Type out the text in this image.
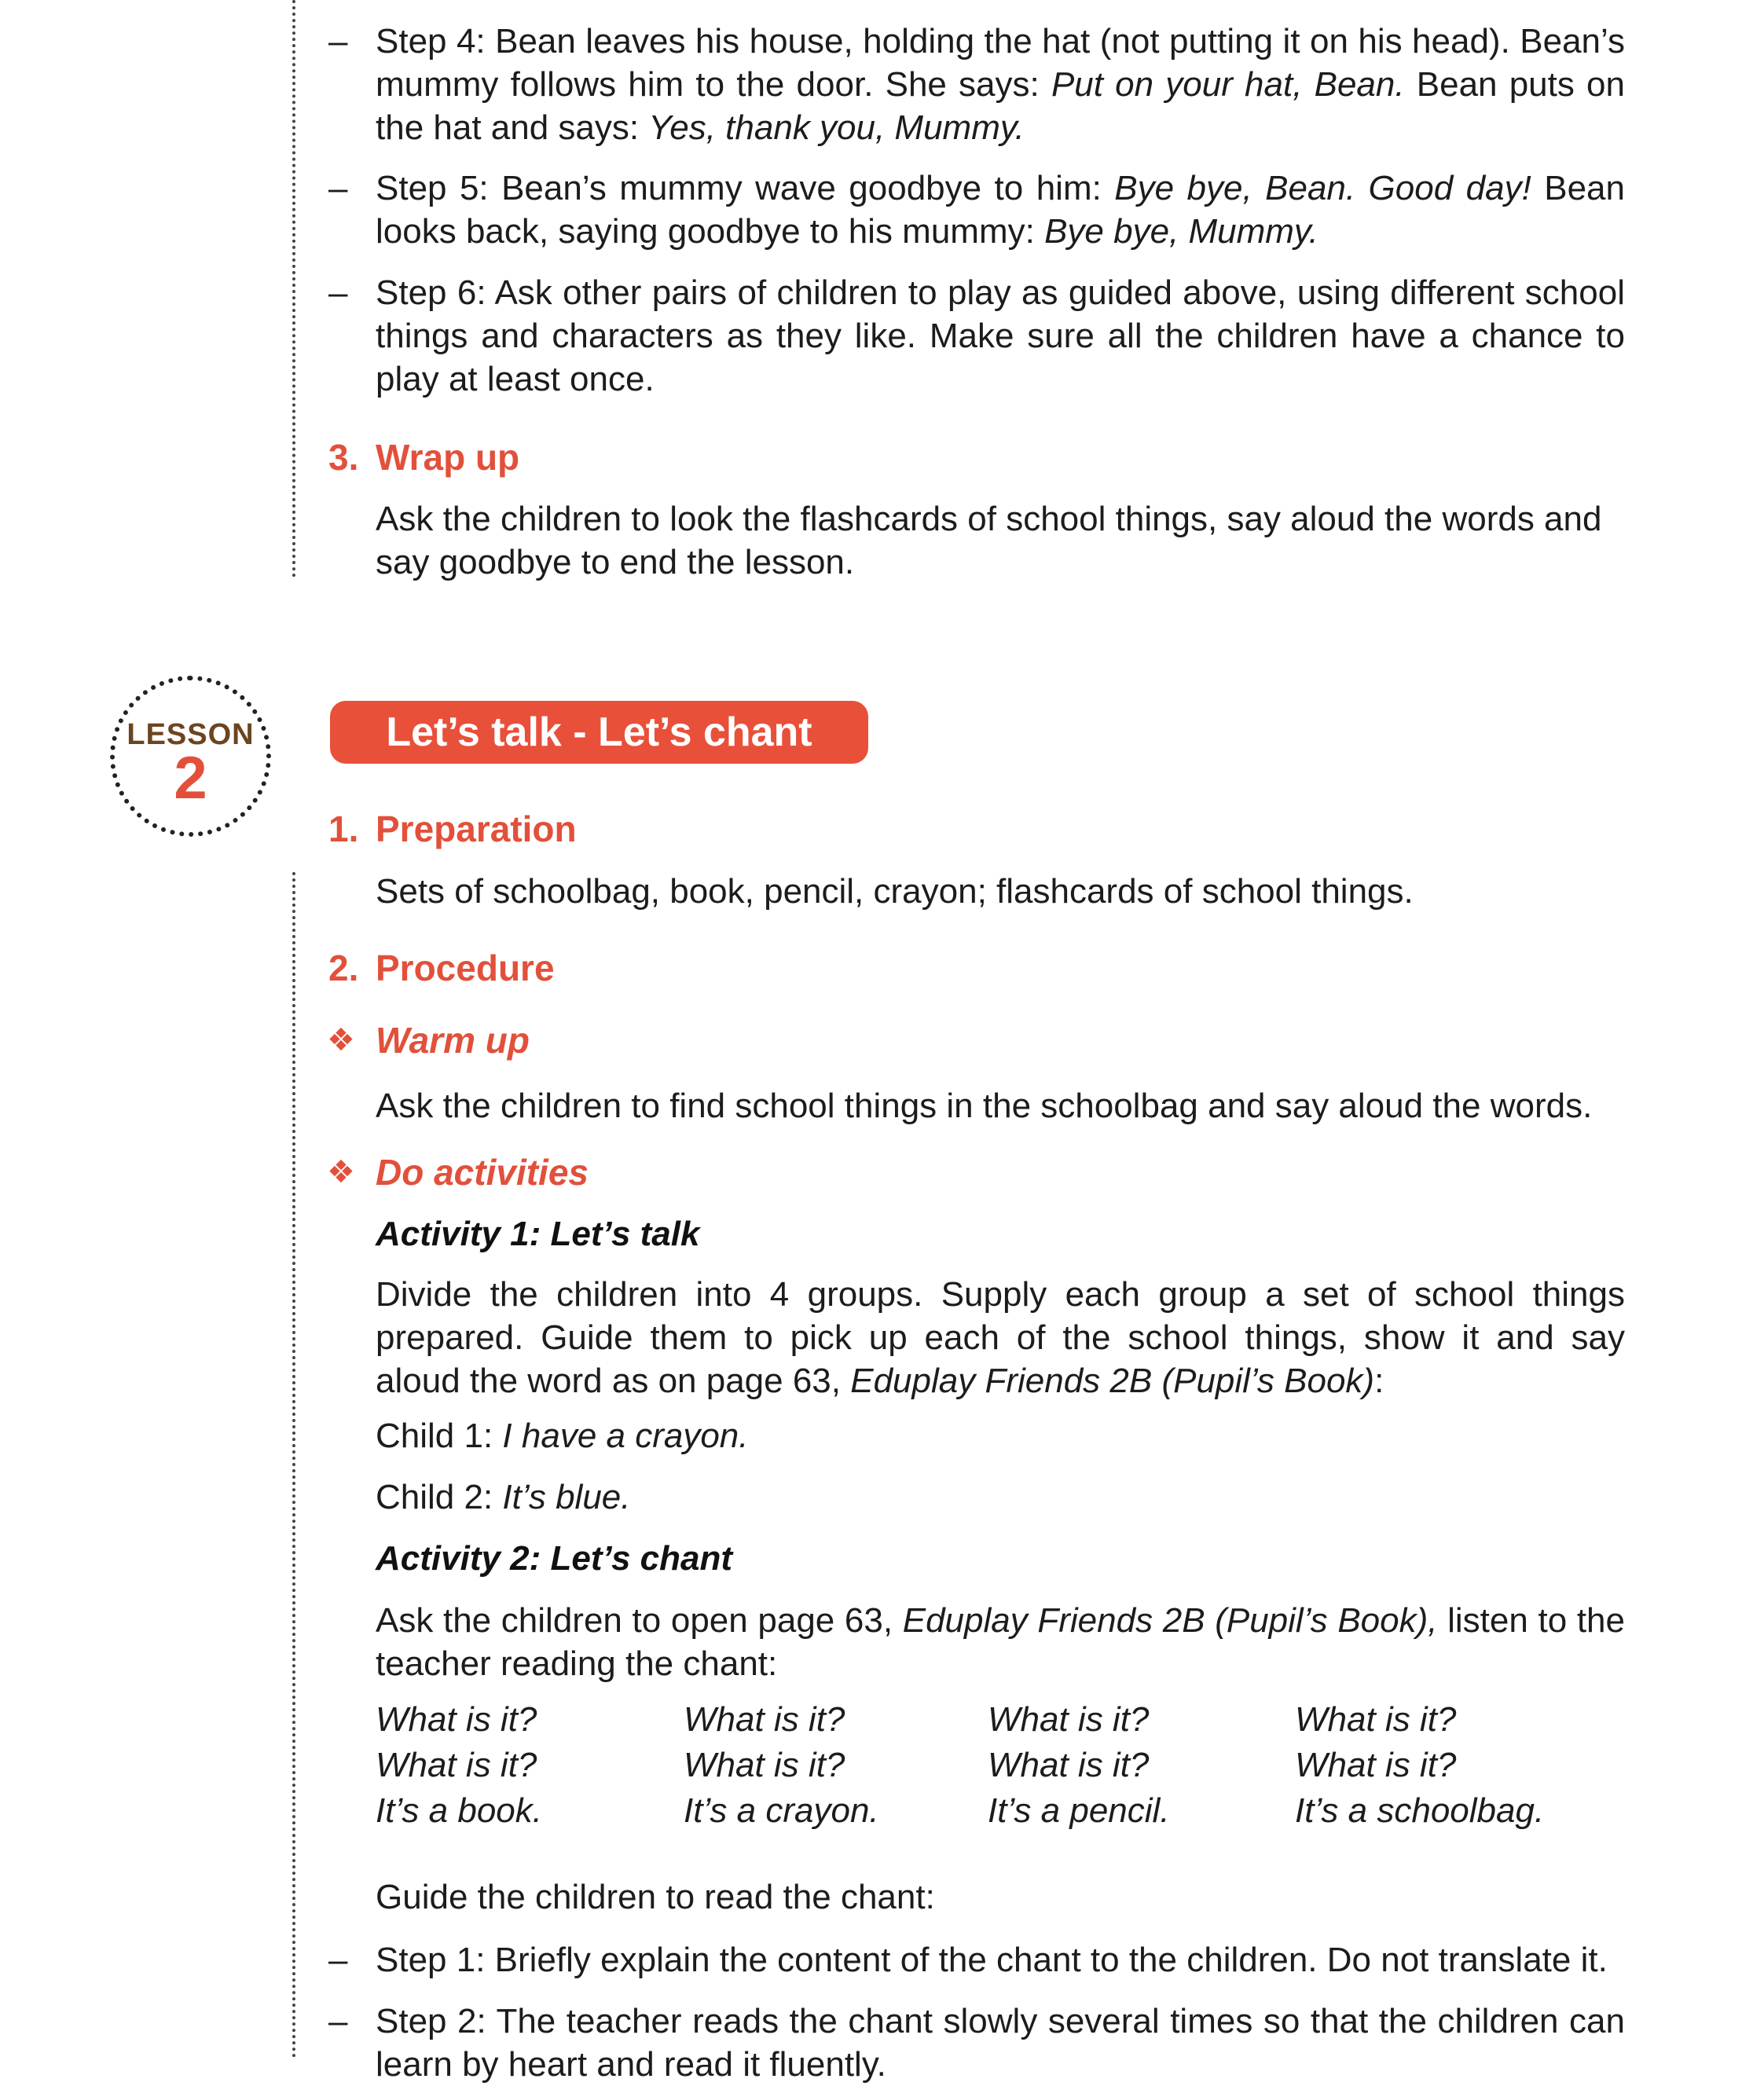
– Step 4: Bean leaves his house, holding the hat (not putting it on his head). Bean’s
mummy follows him to the door. She says: Put on your hat, Bean. Bean puts on
the hat and says: Yes, thank you, Mummy.
– Step 5: Bean’s mummy wave goodbye to him: Bye bye, Bean. Good day! Bean
looks back, saying goodbye to his mummy: Bye bye, Mummy.
– Step 6: Ask other pairs of children to play as guided above, using different school
things and characters as they like. Make sure all the children have a chance to
play at least once.
3. Wrap up
Ask the children to look the flashcards of school things, say aloud the words and
say goodbye to end the lesson.
LESSON
2
Let’s talk - Let’s chant
1. Preparation
Sets of schoolbag, book, pencil, crayon; flashcards of school things.
2. Procedure
❖ Warm up
Ask the children to find school things in the schoolbag and say aloud the words.
❖ Do activities
Activity 1: Let’s talk
Divide the children into 4 groups. Supply each group a set of school things
prepared. Guide them to pick up each of the school things, show it and say
aloud the word as on page 63, Eduplay Friends 2B (Pupil’s Book):
Child 1: I have a crayon.
Child 2: It’s blue.
Activity 2: Let’s chant
Ask the children to open page 63, Eduplay Friends 2B (Pupil’s Book), listen to the
teacher reading the chant:
What is it?
What is it?
It’s a book.
What is it?
What is it?
It’s a crayon.
What is it?
What is it?
It’s a pencil.
What is it?
What is it?
It’s a schoolbag.
Guide the children to read the chant:
– Step 1: Briefly explain the content of the chant to the children. Do not translate it.
– Step 2: The teacher reads the chant slowly several times so that the children can
learn by heart and read it fluently.
